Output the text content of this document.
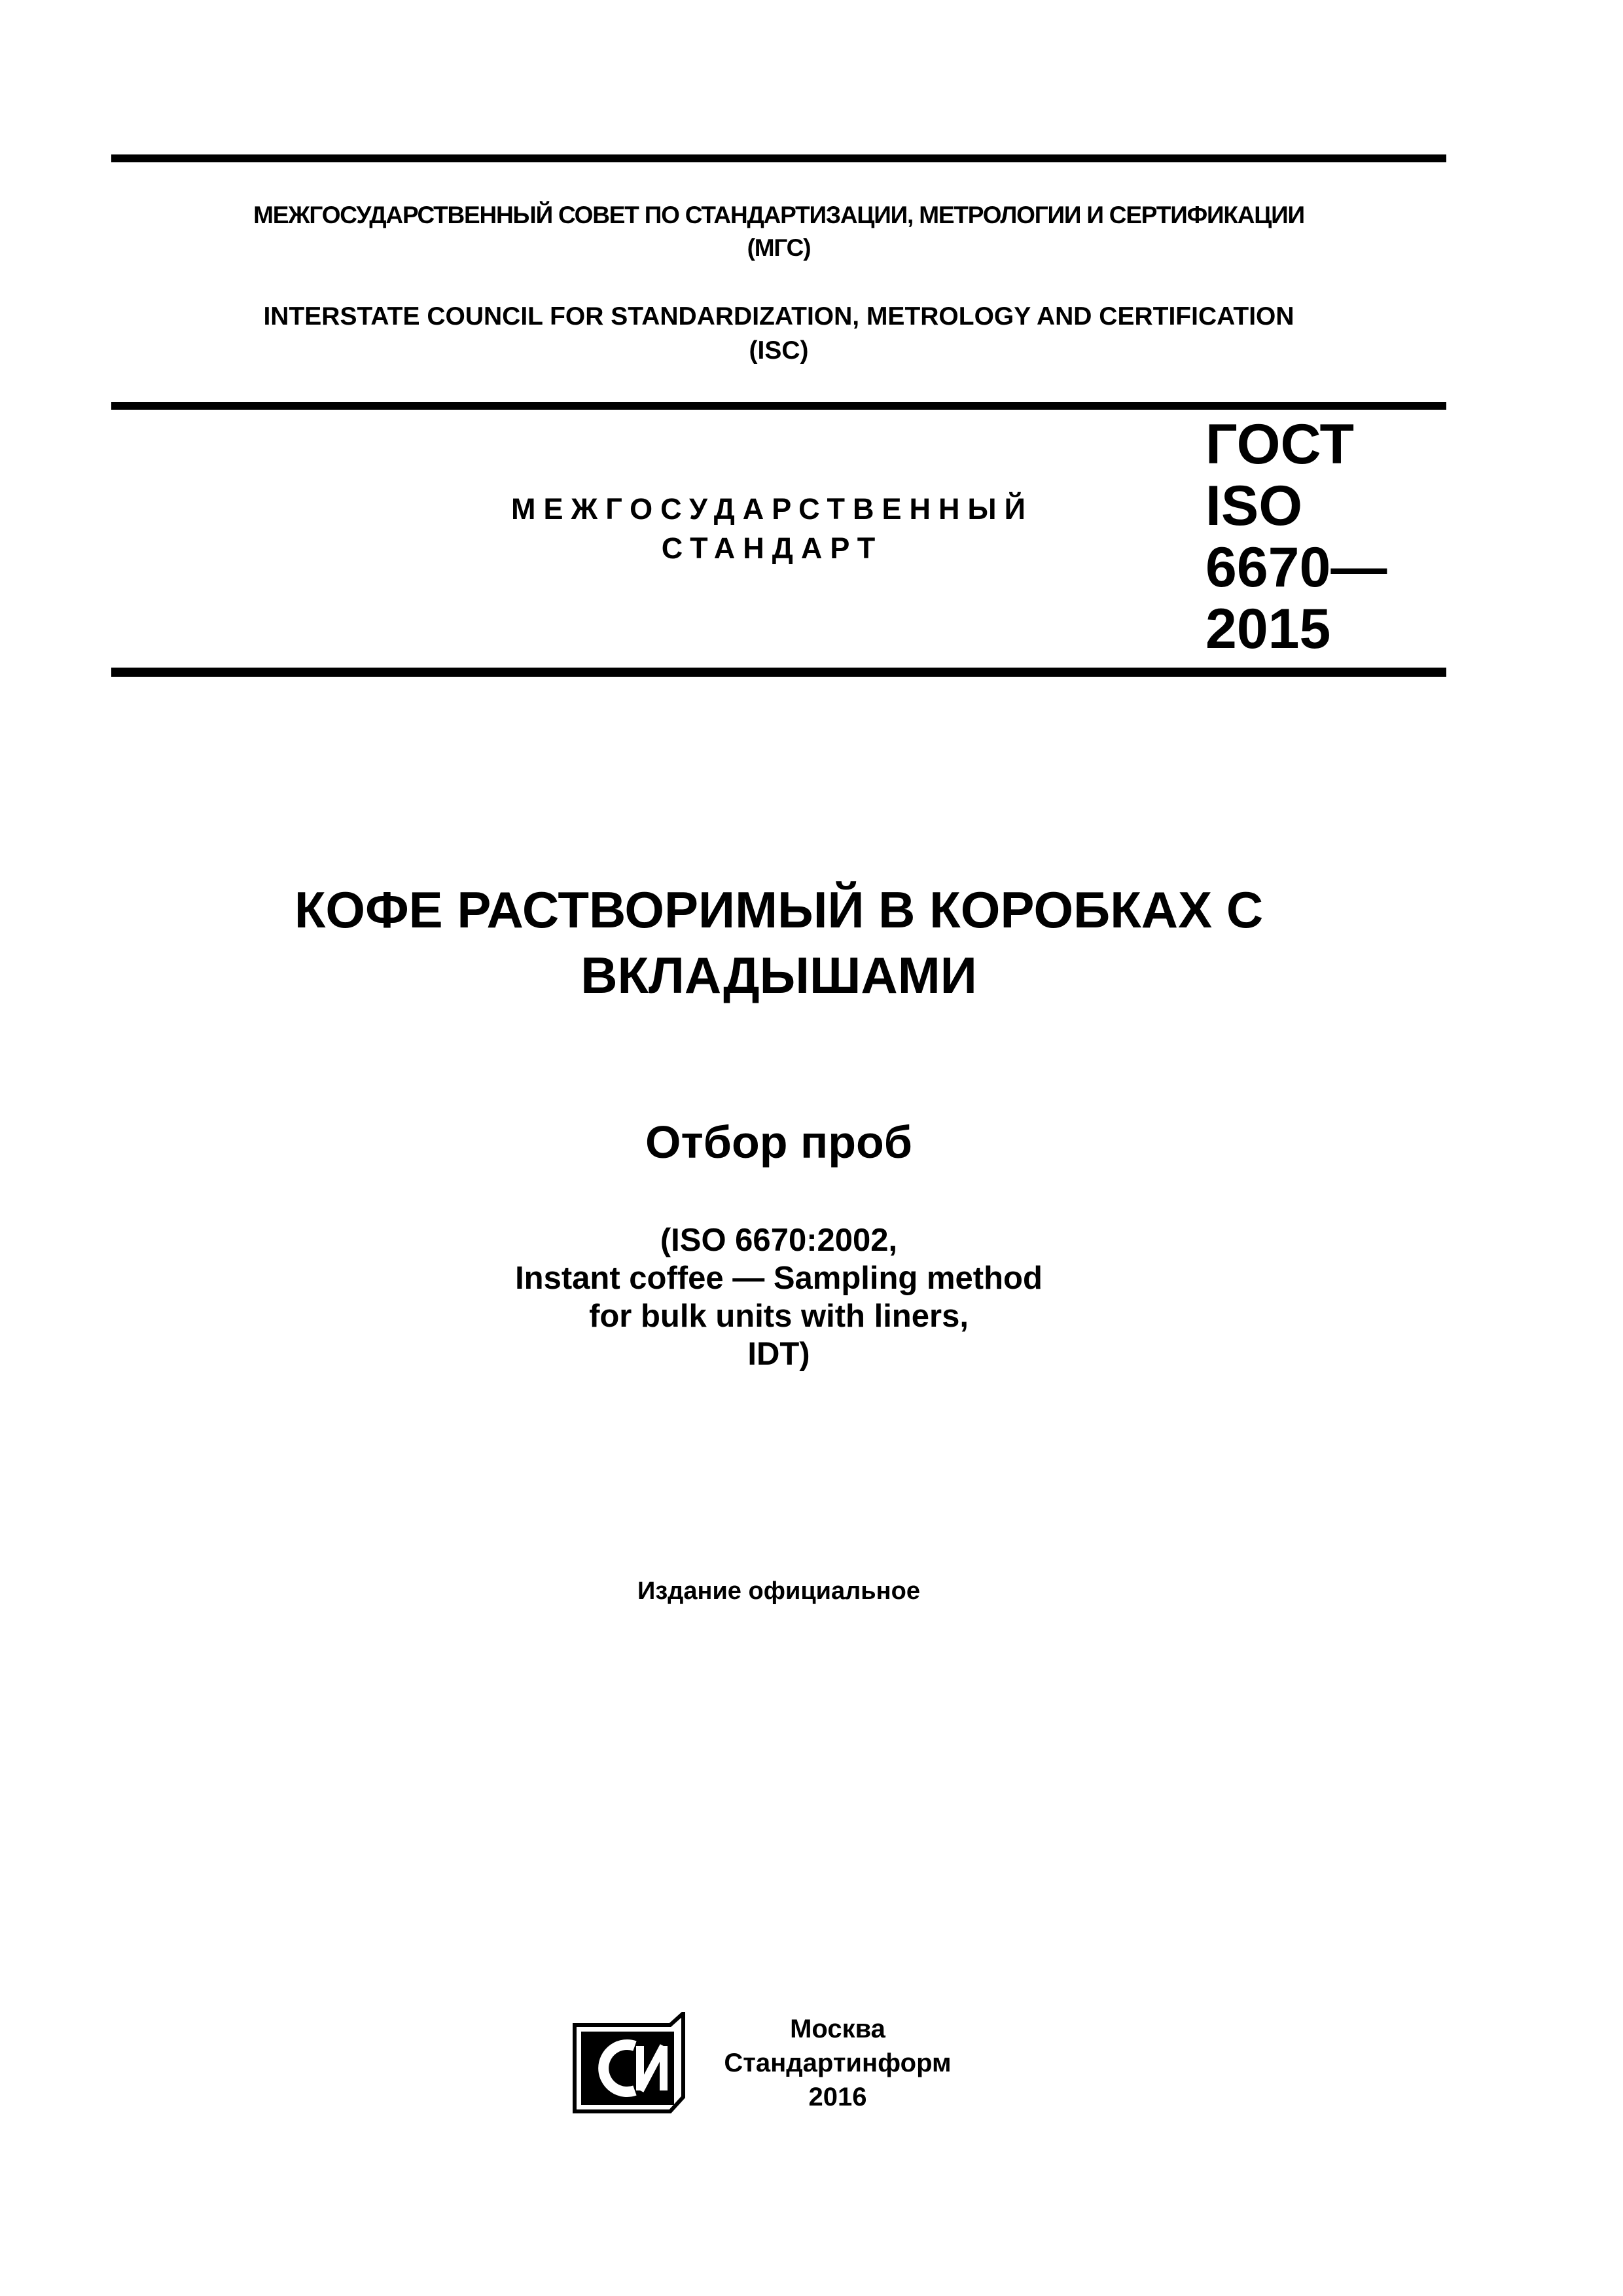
МЕЖГОСУДАРСТВЕННЫЙ СОВЕТ ПО СТАНДАРТИЗАЦИИ, МЕТРОЛОГИИ И СЕРТИФИКАЦИИ
(МГС)
INTERSTATE COUNCIL FOR STANDARDIZATION, METROLOGY AND CERTIFICATION
(ISC)
МЕЖГОСУДАРСТВЕННЫЙ
СТАНДАРТ
ГОСТ
ISO
6670—
2015
КОФЕ РАСТВОРИМЫЙ В КОРОБКАХ С
ВКЛАДЫШАМИ
Отбор проб
(ISO 6670:2002,
Instant coffee — Sampling method
for bulk units with liners,
IDT)
Издание официальное
Москва
Стандартинформ
2016
